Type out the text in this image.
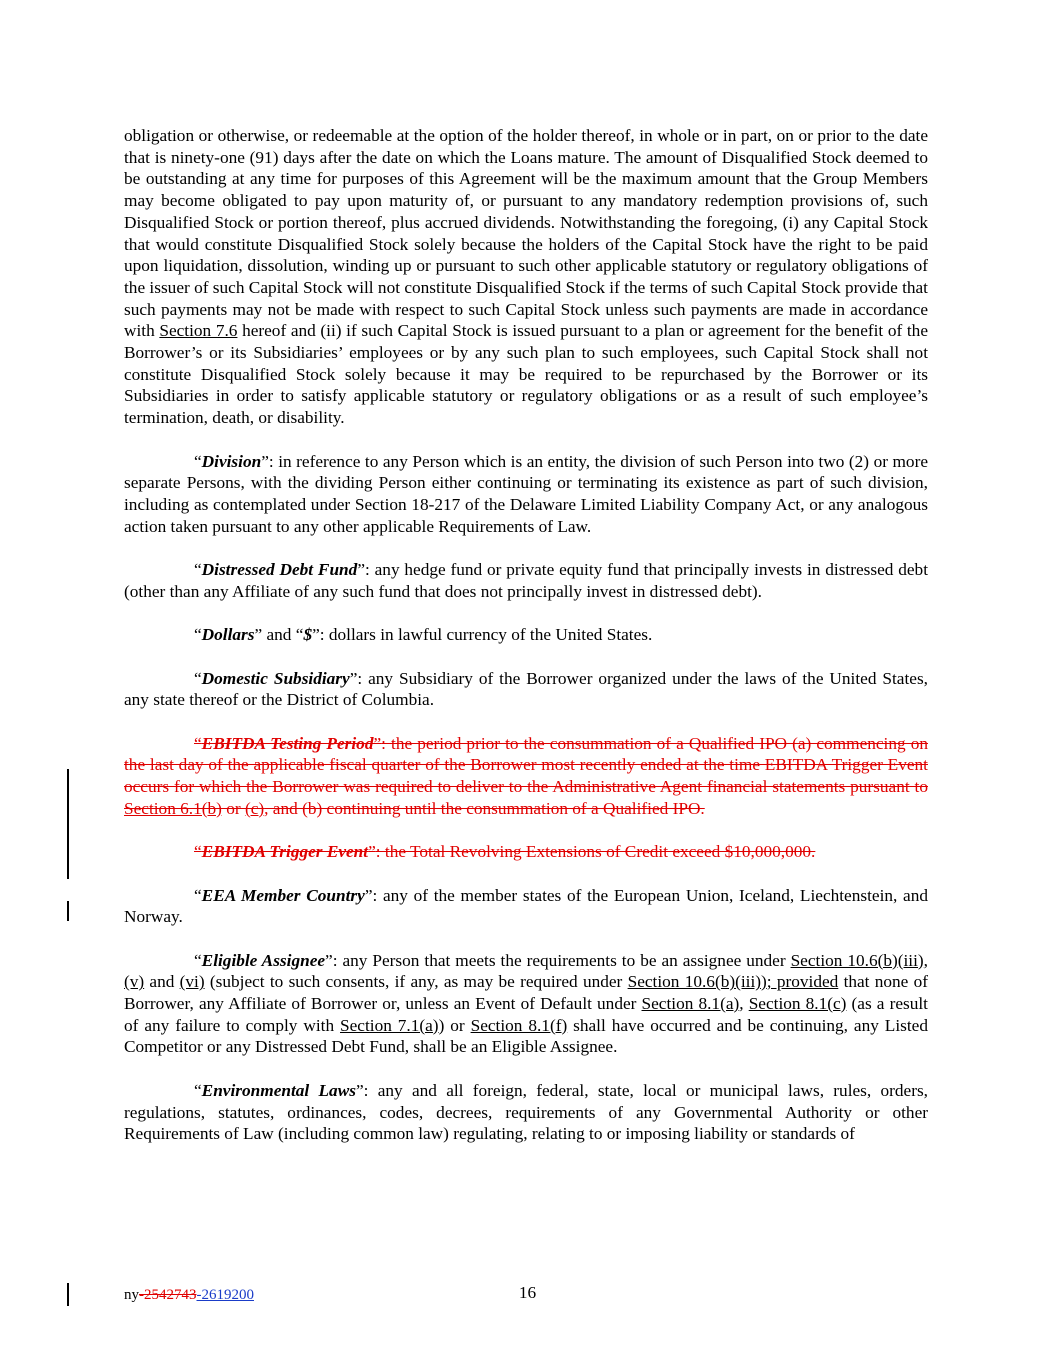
obligation or otherwise, or redeemable at the option of the holder thereof, in whole or in part, on or prior to the date that is ninety-one (91) days after the date on which the Loans mature. The amount of Disqualified Stock deemed to be outstanding at any time for purposes of this Agreement will be the maximum amount that the Group Members may become obligated to pay upon maturity of, or pursuant to any mandatory redemption provisions of, such Disqualified Stock or portion thereof, plus accrued dividends. Notwithstanding the foregoing, (i) any Capital Stock that would constitute Disqualified Stock solely because the holders of the Capital Stock have the right to be paid upon liquidation, dissolution, winding up or pursuant to such other applicable statutory or regulatory obligations of the issuer of such Capital Stock will not constitute Disqualified Stock if the terms of such Capital Stock provide that such payments may not be made with respect to such Capital Stock unless such payments are made in accordance with Section 7.6 hereof and (ii) if such Capital Stock is issued pursuant to a plan or agreement for the benefit of the Borrower’s or its Subsidiaries’ employees or by any such plan to such employees, such Capital Stock shall not constitute Disqualified Stock solely because it may be required to be repurchased by the Borrower or its Subsidiaries in order to satisfy applicable statutory or regulatory obligations or as a result of such employee’s termination, death, or disability.

“Division”: in reference to any Person which is an entity, the division of such Person into two (2) or more separate Persons, with the dividing Person either continuing or terminating its existence as part of such division, including as contemplated under Section 18-217 of the Delaware Limited Liability Company Act, or any analogous action taken pursuant to any other applicable Requirements of Law.

“Distressed Debt Fund”: any hedge fund or private equity fund that principally invests in distressed debt (other than any Affiliate of any such fund that does not principally invest in distressed debt).

“Dollars” and “$”: dollars in lawful currency of the United States.

“Domestic Subsidiary”: any Subsidiary of the Borrower organized under the laws of the United States, any state thereof or the District of Columbia.

“EBITDA Testing Period”: the period prior to the consummation of a Qualified IPO (a) commencing on the last day of the applicable fiscal quarter of the Borrower most recently ended at the time EBITDA Trigger Event occurs for which the Borrower was required to deliver to the Administrative Agent financial statements pursuant to Section 6.1(b) or (c), and (b) continuing until the consummation of a Qualified IPO.

“EBITDA Trigger Event”: the Total Revolving Extensions of Credit exceed $10,000,000.

“EEA Member Country”: any of the member states of the European Union, Iceland, Liechtenstein, and Norway.

“Eligible Assignee”: any Person that meets the requirements to be an assignee under Section 10.6(b)(iii), (v) and (vi) (subject to such consents, if any, as may be required under Section 10.6(b)(iii)); provided that none of Borrower, any Affiliate of Borrower or, unless an Event of Default under Section 8.1(a), Section 8.1(c) (as a result of any failure to comply with Section 7.1(a)) or Section 8.1(f) shall have occurred and be continuing, any Listed Competitor or any Distressed Debt Fund, shall be an Eligible Assignee.

“Environmental Laws”: any and all foreign, federal, state, local or municipal laws, rules, orders, regulations, statutes, ordinances, codes, decrees, requirements of any Governmental Authority or other Requirements of Law (including common law) regulating, relating to or imposing liability or standards of

ny-2542743-2619200	16
